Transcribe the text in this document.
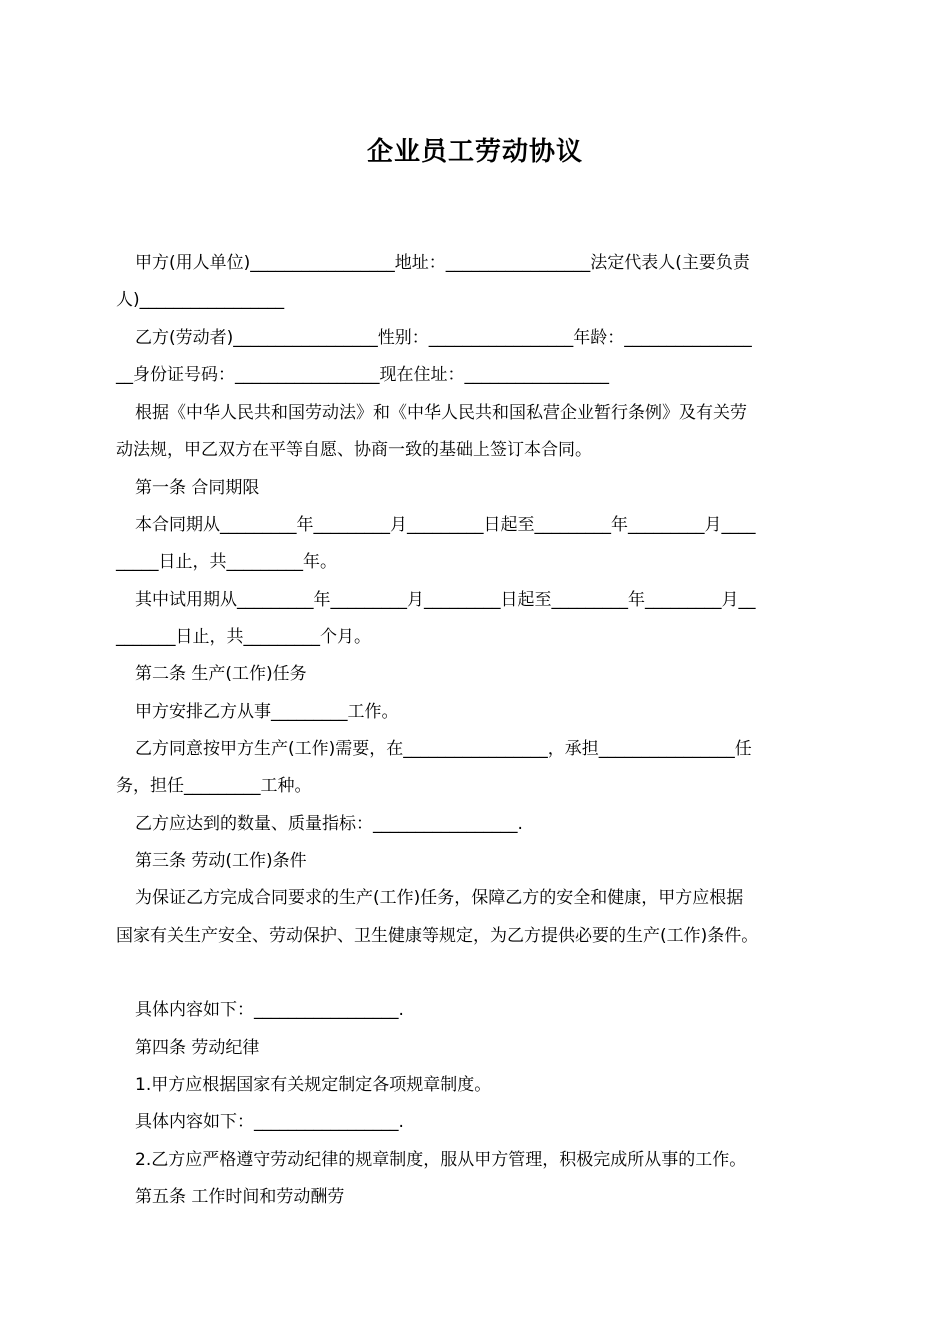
企业员工劳动协议

甲方(用人单位)_________________地址：_________________法定代表人(主要负责

人)_________________

乙方(劳动者)_________________性别：_________________年龄：_______________

__身份证号码：_________________现在住址：_________________

根据《中华人民共和国劳动法》和《中华人民共和国私营企业暂行条例》及有关劳

动法规，甲乙双方在平等自愿、协商一致的基础上签订本合同。

第一条 合同期限

本合同期从_________年_________月_________日起至_________年_________月____

_____日止，共_________年。

其中试用期从_________年_________月_________日起至_________年_________月__

_______日止，共_________个月。

第二条 生产(工作)任务

甲方安排乙方从事_________工作。

乙方同意按甲方生产(工作)需要，在_________________，承担________________任

务，担任_________工种。

乙方应达到的数量、质量指标：_________________.

第三条 劳动(工作)条件

为保证乙方完成合同要求的生产(工作)任务，保障乙方的安全和健康，甲方应根据

国家有关生产安全、劳动保护、卫生健康等规定，为乙方提供必要的生产(工作)条件。

具体内容如下：_________________.

第四条 劳动纪律

1.甲方应根据国家有关规定制定各项规章制度。

具体内容如下：_________________.

2.乙方应严格遵守劳动纪律的规章制度，服从甲方管理，积极完成所从事的工作。

第五条 工作时间和劳动酬劳
